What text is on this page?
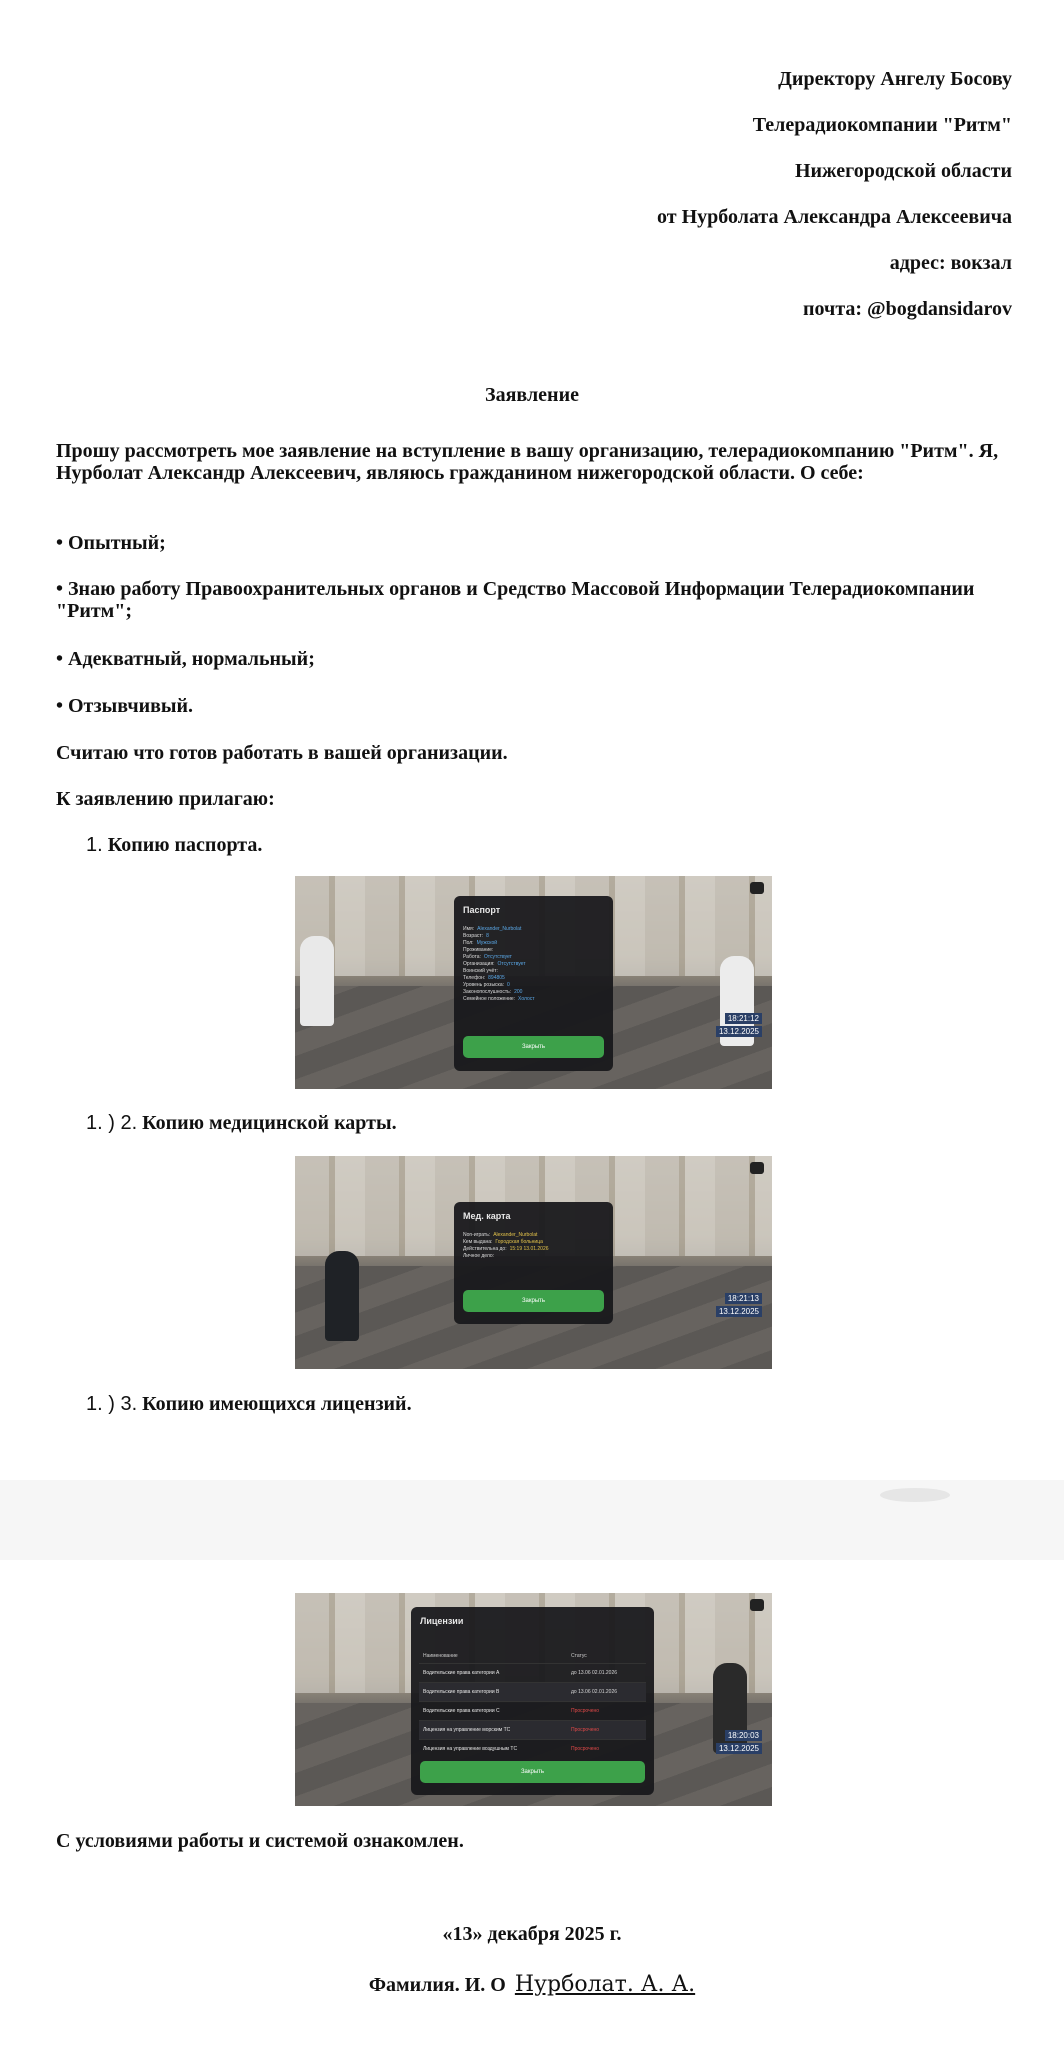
Директору Ангелу Босову

Телерадиокомпании "Ритм"

Нижегородской области

от Нурболата Александра Алексеевича

адрес: вокзал

почта: @bogdansidarov

Заявление

Прошу рассмотреть мое заявление на вступление в вашу организацию, телерадиокомпанию "Ритм". Я, Нурболат Александр Алексеевич, являюсь гражданином нижегородской области. О себе:

• Опытный;

• Знаю работу Правоохранительных органов и Средство Массовой Информации Телерадиокомпании "Ритм";

• Адекватный, нормальный;

• Отзывчивый.

Считаю что готов работать в вашей организации.

К заявлению прилагаю:

1. Копию паспорта.

Паспорт

Имя: Alexander_Nurbolat
Возраст: 8
Пол: Мужской
Проживание:
Работа: Отсутствует
Организация: Отсутствует
Воинский учёт:
Телефон: 894805
Уровень розыска: 0
Законопослушность: 200
Семейное положение: Холост
Закрыть
18:21:12
13.12.2025

1. ) 2. Копию медицинской карты.

Мед. карта

Non-играть: Alexander_Nurbolat
Кем выдана: Городская больница
Действительна до: 15:19 13.01.2026
Личное дело:
Закрыть	18:21:13
13.12.2025

1. ) 3. Копию имеющихся лицензий.

Лицензии

Наименование	Статус
Водительские права категории А	до 13.06 02.01.2026
Водительские права категории B	до 13.06 02.01.2026
Водительские права категории C	Просрочено
Лицензия на управление морским ТС	Просрочено
Лицензия на управление воздушным ТС	Просрочено
Закрыть
18:20:03
13.12.2025

С условиями работы и системой ознакомлен.

«13» декабря 2025 г.

Фамилия. И. О Нурболат. А. А.
